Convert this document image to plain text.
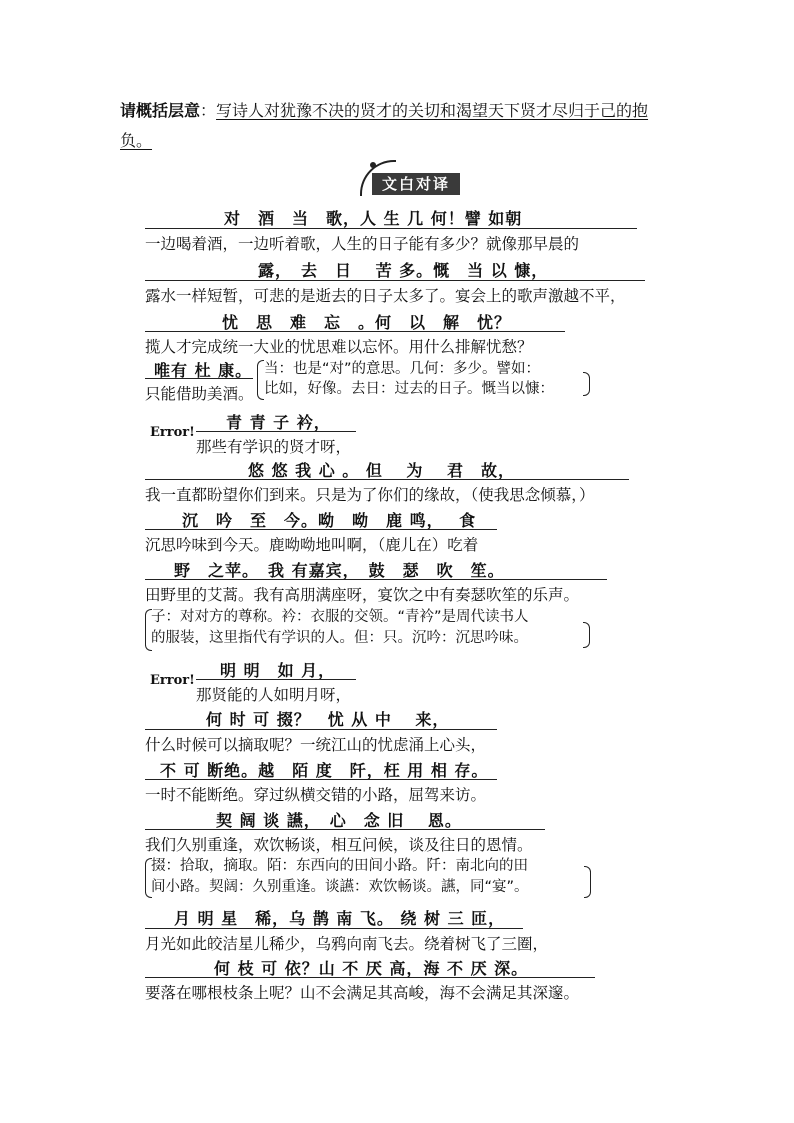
请概括层意：写诗人对犹豫不决的贤才的关切和渴望天下贤才尽归于己的抱
负。
文白对译
对　酒　当　歌，人 生 几 何！譬 如朝
一边喝着酒，一边听着歌，人生的日子能有多少？就像那早晨的
露，　去　日　 苦 多。慨　当 以 慷，
露水一样短暂，可悲的是逝去的日子太多了。宴会上的歌声激越不平，
忧　思　难　忘　。何　以　解　忧？
揽人才完成统一大业的忧思难以忘怀。用什么排解忧愁？
唯有 杜 康。
只能借助美酒。
当：也是“对”的意思。几何：多少。譬如：
比如，好像。去日：过去的日子。慨当以慷：
Error!
青 青 子 衿，
那些有学识的贤才呀，
悠 悠 我 心 。 但　 为　 君　故，
我一直都盼望你们到来。只是为了你们的缘故，（使我思念倾慕，）
沉　吟　至　今。呦　呦　鹿 鸣，　 食
沉思吟味到今天。鹿呦呦地叫啊，（鹿儿在）吃着
野　之苹。　我 有嘉宾，　鼓　瑟　吹　笙。
田野里的艾蒿。我有高朋满座呀，宴饮之中有奏瑟吹笙的乐声。
子：对对方的尊称。衿：衣服的交领。“青衿”是周代读书人
的服装，这里指代有学识的人。但：只。沉吟：沉思吟味。
Error!
明 明　如 月，
那贤能的人如明月呀，
何 时 可 掇？　忧 从 中　 来，
什么时候可以摘取呢？一统江山的忧虑涌上心头，
不 可 断绝。越　陌 度　阡，枉 用 相 存。
一时不能断绝。穿过纵横交错的小路，屈驾来访。
契 阔 谈 讌，　心　念 旧　 恩。
我们久别重逢，欢饮畅谈，相互问候，谈及往日的恩情。
掇：拾取，摘取。陌：东西向的田间小路。阡：南北向的田
间小路。契阔：久别重逢。谈讌：欢饮畅谈。讌，同“宴”。
月 明 星　稀，乌 鹊 南 飞。 绕 树 三 匝，
月光如此皎洁星儿稀少，乌鸦向南飞去。绕着树飞了三圈，
何 枝 可 依？山 不 厌 高，海 不 厌 深。
要落在哪根枝条上呢？山不会满足其高峻，海不会满足其深邃。
